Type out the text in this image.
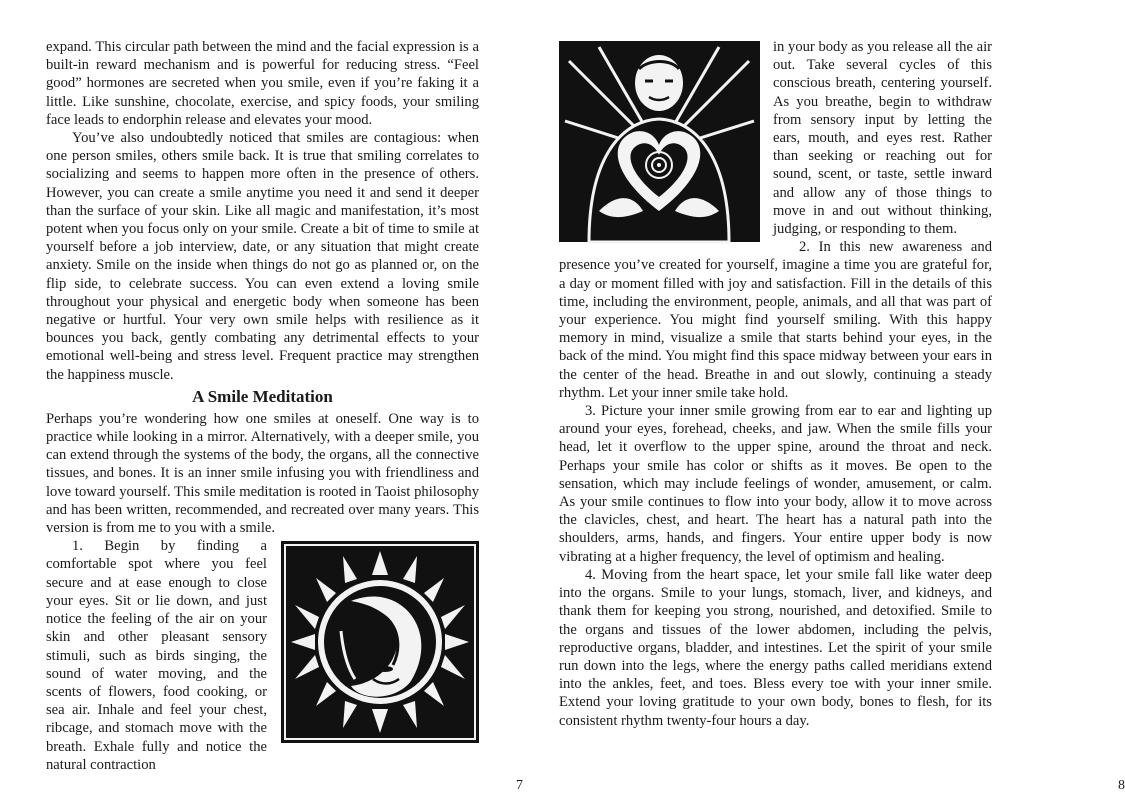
expand. This circular path between the mind and the facial expression is a built-in reward mechanism and is powerful for reducing stress. “Feel good” hormones are secreted when you smile, even if you’re faking it a little. Like sunshine, chocolate, exercise, and spicy foods, your smiling face leads to endorphin release and elevates your mood.

You’ve also undoubtedly noticed that smiles are contagious: when one person smiles, others smile back. It is true that smiling correlates to socializing and seems to happen more often in the presence of others. However, you can create a smile anytime you need it and send it deeper than the surface of your skin. Like all magic and manifestation, it’s most potent when you focus only on your smile. Create a bit of time to smile at yourself before a job interview, date, or any situation that might create anxiety. Smile on the inside when things do not go as planned or, on the flip side, to celebrate success. You can even extend a loving smile throughout your physical and energetic body when someone has been negative or hurtful. Your very own smile helps with resilience as it bounces you back, gently combating any detrimental effects to your emotional well-being and stress level. Frequent practice may strengthen the happiness muscle.

A Smile Meditation

Perhaps you’re wondering how one smiles at oneself. One way is to practice while looking in a mirror. Alternatively, with a deeper smile, you can extend through the systems of the body, the organs, all the connective tissues, and bones. It is an inner smile infusing you with friendliness and love toward yourself. This smile meditation is rooted in Taoist philosophy and has been written, recommended, and recreated over many years. This version is from me to you with a smile.

1. Begin by finding a comfortable spot where you feel secure and at ease enough to close your eyes. Sit or lie down, and just notice the feeling of the air on your skin and other pleasant sensory stimuli, such as birds singing, the sound of water moving, and the scents of flowers, food cooking, or sea air. Inhale and feel your chest, ribcage, and stomach move with the breath. Exhale fully and notice the natural contraction

7

in your body as you release all the air out. Take several cycles of this conscious breath, centering yourself. As you breathe, begin to withdraw from sensory input by letting the ears, mouth, and eyes rest. Rather than seeking or reaching out for sound, scent, or taste, settle inward and allow any of those things to move in and out without thinking, judging, or responding to them.

2. In this new awareness and presence you’ve created for yourself, imagine a time you are grateful for, a day or moment filled with joy and satisfaction. Fill in the details of this time, including the environment, people, animals, and all that was part of your experience. You might find yourself smiling. With this happy memory in mind, visualize a smile that starts behind your eyes, in the back of the mind. You might find this space midway between your ears in the center of the head. Breathe in and out slowly, continuing a steady rhythm. Let your inner smile take hold.

3. Picture your inner smile growing from ear to ear and lighting up around your eyes, forehead, cheeks, and jaw. When the smile fills your head, let it overflow to the upper spine, around the throat and neck. Perhaps your smile has color or shifts as it moves. Be open to the sensation, which may include feelings of wonder, amusement, or calm. As your smile continues to flow into your body, allow it to move across the clavicles, chest, and heart. The heart has a natural path into the shoulders, arms, hands, and fingers. Your entire upper body is now vibrating at a higher frequency, the level of optimism and healing.

4. Moving from the heart space, let your smile fall like water deep into the organs. Smile to your lungs, stomach, liver, and kidneys, and thank them for keeping you strong, nourished, and detoxified. Smile to the organs and tissues of the lower abdomen, including the pelvis, reproductive organs, bladder, and intestines. Let the spirit of your smile run down into the legs, where the energy paths called meridians extend into the ankles, feet, and toes. Bless every toe with your inner smile. Extend your loving gratitude to your own body, bones to flesh, for its consistent rhythm twenty-four hours a day.

8
